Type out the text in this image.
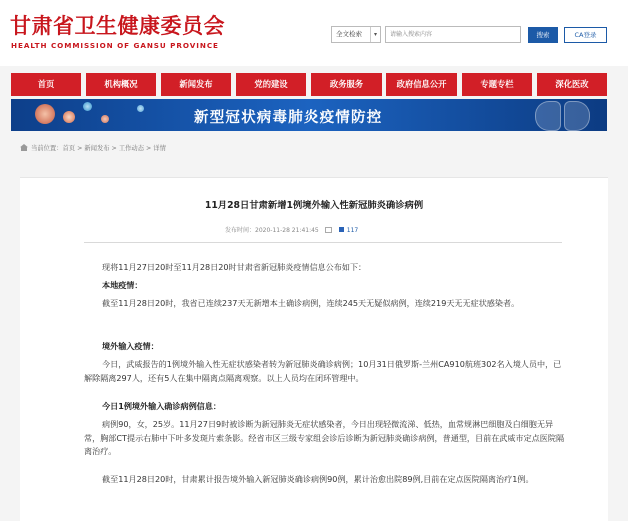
甘肃省卫生健康委员会
HEALTH COMMISSION OF GANSU PROVINCE
全文检索	▾	请输入搜索内容	搜索	CA登录
首页	机构概况	新闻发布	党的建设	政务服务	政府信息公开	专题专栏	深化医改
新型冠状病毒肺炎疫情防控
当前位置：首页 > 新闻发布 > 工作动态 > 详情
11月28日甘肃新增1例境外输入性新冠肺炎确诊病例
发布时间：2020-11-28 21:41:45	117

现将11月27日20时至11月28日20时甘肃省新冠肺炎疫情信息公布如下：

本地疫情：

截至11月28日20时，我省已连续237天无新增本土确诊病例，连续245天无疑似病例，连续219天无无症状感染者。

境外输入疫情：

今日，武威报告的1例境外输入性无症状感染者转为新冠肺炎确诊病例；10月31日俄罗斯-兰州CA910航班302名入境人员中，已解除隔离297人，还有5人在集中隔离点隔离观察。以上人员均在闭环管理中。

今日1例境外输入确诊病例信息：

病例90，女，25岁。11月27日9时被诊断为新冠肺炎无症状感染者，今日出现轻微流涕、低热，血常规淋巴细胞及白细胞无异常，胸部CT提示右肺中下叶多发斑片索条影。经省市区三级专家组会诊后诊断为新冠肺炎确诊病例，普通型，目前在武威市定点医院隔离治疗。

截至11月28日20时，甘肃累计报告境外输入新冠肺炎确诊病例90例，累计治愈出院89例,目前在定点医院隔离治疗1例。
